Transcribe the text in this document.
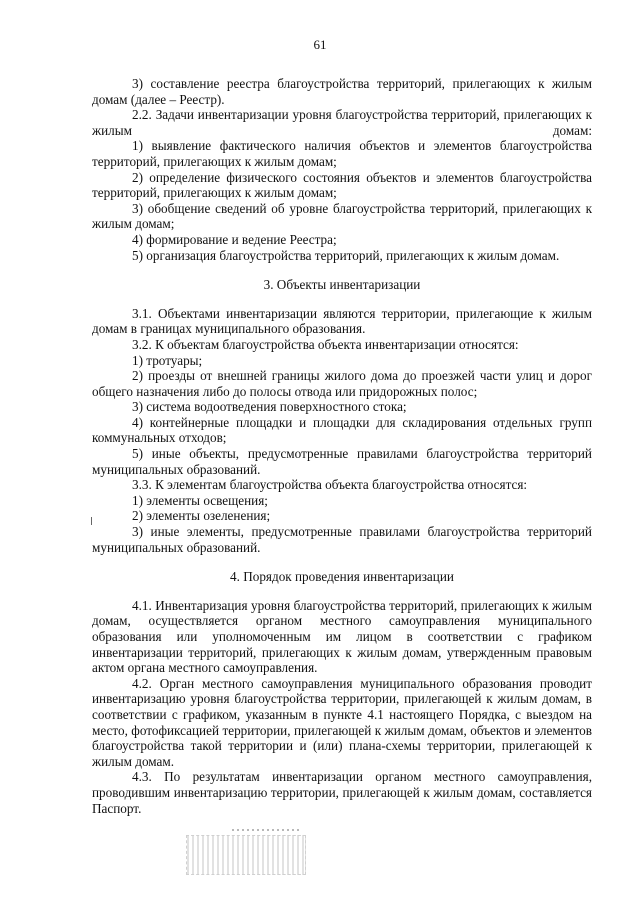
61

3) составление реестра благоустройства территорий, прилегающих к жилым домам (далее – Реестр).

2.2. Задачи инвентаризации уровня благоустройства территорий, прилегающих к жилым домам:

1) выявление фактического наличия объектов и элементов благоустройства территорий, прилегающих к жилым домам;

2) определение физического состояния объектов и элементов благоустройства территорий, прилегающих к жилым домам;

3) обобщение сведений об уровне благоустройства территорий, прилегающих к жилым домам;

4) формирование и ведение Реестра;

5) организация благоустройства территорий, прилегающих к жилым домам.

3. Объекты инвентаризации

3.1. Объектами инвентаризации являются территории, прилегающие к жилым домам в границах муниципального образования.

3.2. К объектам благоустройства объекта инвентаризации относятся:

1) тротуары;

2) проезды от внешней границы жилого дома до проезжей части улиц и дорог общего назначения либо до полосы отвода или придорожных полос;

3) система водоотведения поверхностного стока;

4) контейнерные площадки и площадки для складирования отдельных групп коммунальных отходов;

5) иные объекты, предусмотренные правилами благоустройства территорий муниципальных образований.

3.3. К элементам благоустройства объекта благоустройства относятся:

1) элементы освещения;

2) элементы озеленения;

3) иные элементы, предусмотренные правилами благоустройства территорий муниципальных образований.

4. Порядок проведения инвентаризации

4.1. Инвентаризация уровня благоустройства территорий, прилегающих к жилым домам, осуществляется органом местного самоуправления муниципального образования или уполномоченным им лицом в соответствии с графиком инвентаризации территорий, прилегающих к жилым домам, утвержденным правовым актом органа местного самоуправления.

4.2. Орган местного самоуправления муниципального образования проводит инвентаризацию уровня благоустройства территории, прилегающей к жилым домам, в соответствии с графиком, указанным в пункте 4.1 настоящего Порядка, с выездом на место, фотофиксацией территории, прилегающей к жилым домам, объектов и элементов благоустройства такой территории и (или) плана-схемы территории, прилегающей к жилым домам.

4.3. По результатам инвентаризации органом местного самоуправления, проводившим инвентаризацию территории, прилегающей к жилым домам, составляется Паспорт.
